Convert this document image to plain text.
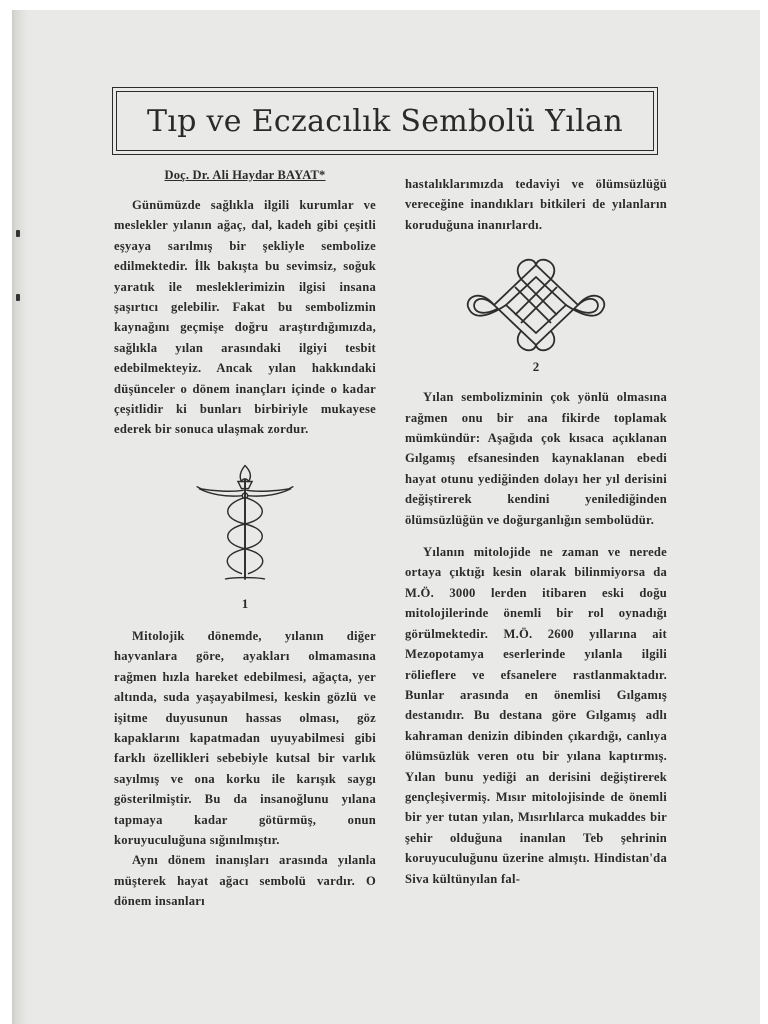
Tıp ve Eczacılık Sembolü Yılan
Doç. Dr. Ali Haydar BAYAT*

Günümüzde sağlıkla ilgili kurumlar ve meslekler yılanın ağaç, dal, kadeh gibi çeşitli eşyaya sarılmış bir şekliyle sembolize edilmektedir. İlk bakışta bu sevimsiz, soğuk yaratık ile mesleklerimizin ilgisi insana şaşırtıcı gelebilir. Fakat bu sembolizmin kaynağını geçmişe doğru araştırdığımızda, sağlıkla yılan arasındaki ilgiyi tesbit edebilmekteyiz. Ancak yılan hakkındaki düşünceler o dönem inançları içinde o kadar çeşitlidir ki bunları birbiriyle mukayese ederek bir sonuca ulaşmak zordur.

1

Mitolojik dönemde, yılanın diğer hayvanlara göre, ayakları olmamasına rağmen hızla hareket edebilmesi, ağaçta, yer altında, suda yaşayabilmesi, keskin gözlü ve işitme duyusunun hassas olması, göz kapaklarını kapatmadan uyuyabilmesi gibi farklı özellikleri sebebiyle kutsal bir varlık sayılmış ve ona korku ile karışık saygı gösterilmiştir. Bu da insanoğlunu yılana tapmaya kadar götürmüş, onun koruyuculuğuna sığınılmıştır.

Aynı dönem inanışları arasında yılanla müşterek hayat ağacı sembolü vardır. O dönem insanları

hastalıklarımızda tedaviyi ve ölümsüzlüğü vereceğine inandıkları bitkileri de yılanların koruduğuna inanırlardı.

2

Yılan sembolizminin çok yönlü olmasına rağmen onu bir ana fikirde toplamak mümkündür: Aşağıda çok kısaca açıklanan Gılgamış efsanesinden kaynaklanan ebedi hayat otunu yediğinden dolayı her yıl derisini değiştirerek kendini yenilediğinden ölümsüzlüğün ve doğurganlığın sembolüdür.

Yılanın mitolojide ne zaman ve nerede ortaya çıktığı kesin olarak bilinmiyorsa da M.Ö. 3000 lerden itibaren eski doğu mitolojilerinde önemli bir rol oynadığı görülmektedir. M.Ö. 2600 yıllarına ait Mezopotamya eserlerinde yılanla ilgili rölieflere ve efsanelere rastlanmaktadır. Bunlar arasında en önemlisi Gılgamış destanıdır. Bu destana göre Gılgamış adlı kahraman denizin dibinden çıkardığı, canlıya ölümsüzlük veren otu bir yılana kaptırmış. Yılan bunu yediği an derisini değiştirerek gençleşivermiş. Mısır mitolojisinde de önemli bir yer tutan yılan, Mısırlılarca mukaddes bir şehir olduğuna inanılan Teb şehrinin koruyuculuğunu üzerine almıştı. Hindistan'da Siva kültünyılan fal-
